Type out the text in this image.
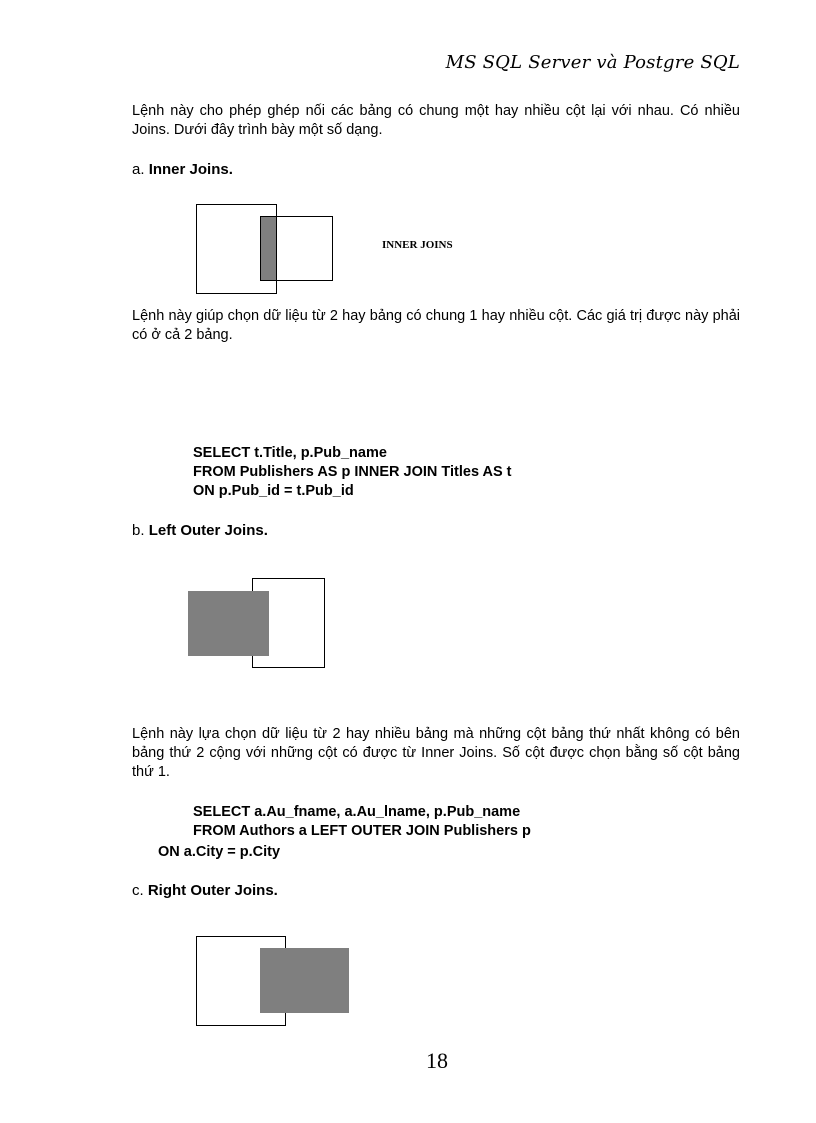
MS SQL Server và Postgre SQL
Lệnh này cho phép ghép nối các bảng có chung một hay nhiều cột lại với nhau. Có nhiều Joins. Dưới đây trình bày một số dạng.
a. Inner Joins.
INNER JOINS
Lệnh này giúp chọn dữ liệu từ 2 hay bảng có chung 1 hay nhiều cột. Các giá trị được này phải có ở cả 2 bảng.
SELECT t.Title, p.Pub_name
FROM Publishers AS p INNER JOIN Titles AS t
ON p.Pub_id = t.Pub_id
b. Left Outer Joins.
Lệnh này lựa chọn dữ liệu từ 2 hay nhiều bảng mà những cột bảng thứ nhất không có bên bảng thứ 2 cộng với những cột có được từ Inner Joins. Số cột được chọn bằng số cột bảng thứ 1.
SELECT a.Au_fname, a.Au_lname, p.Pub_name
FROM Authors a LEFT OUTER JOIN Publishers p
ON a.City = p.City
c. Right Outer Joins.
18
